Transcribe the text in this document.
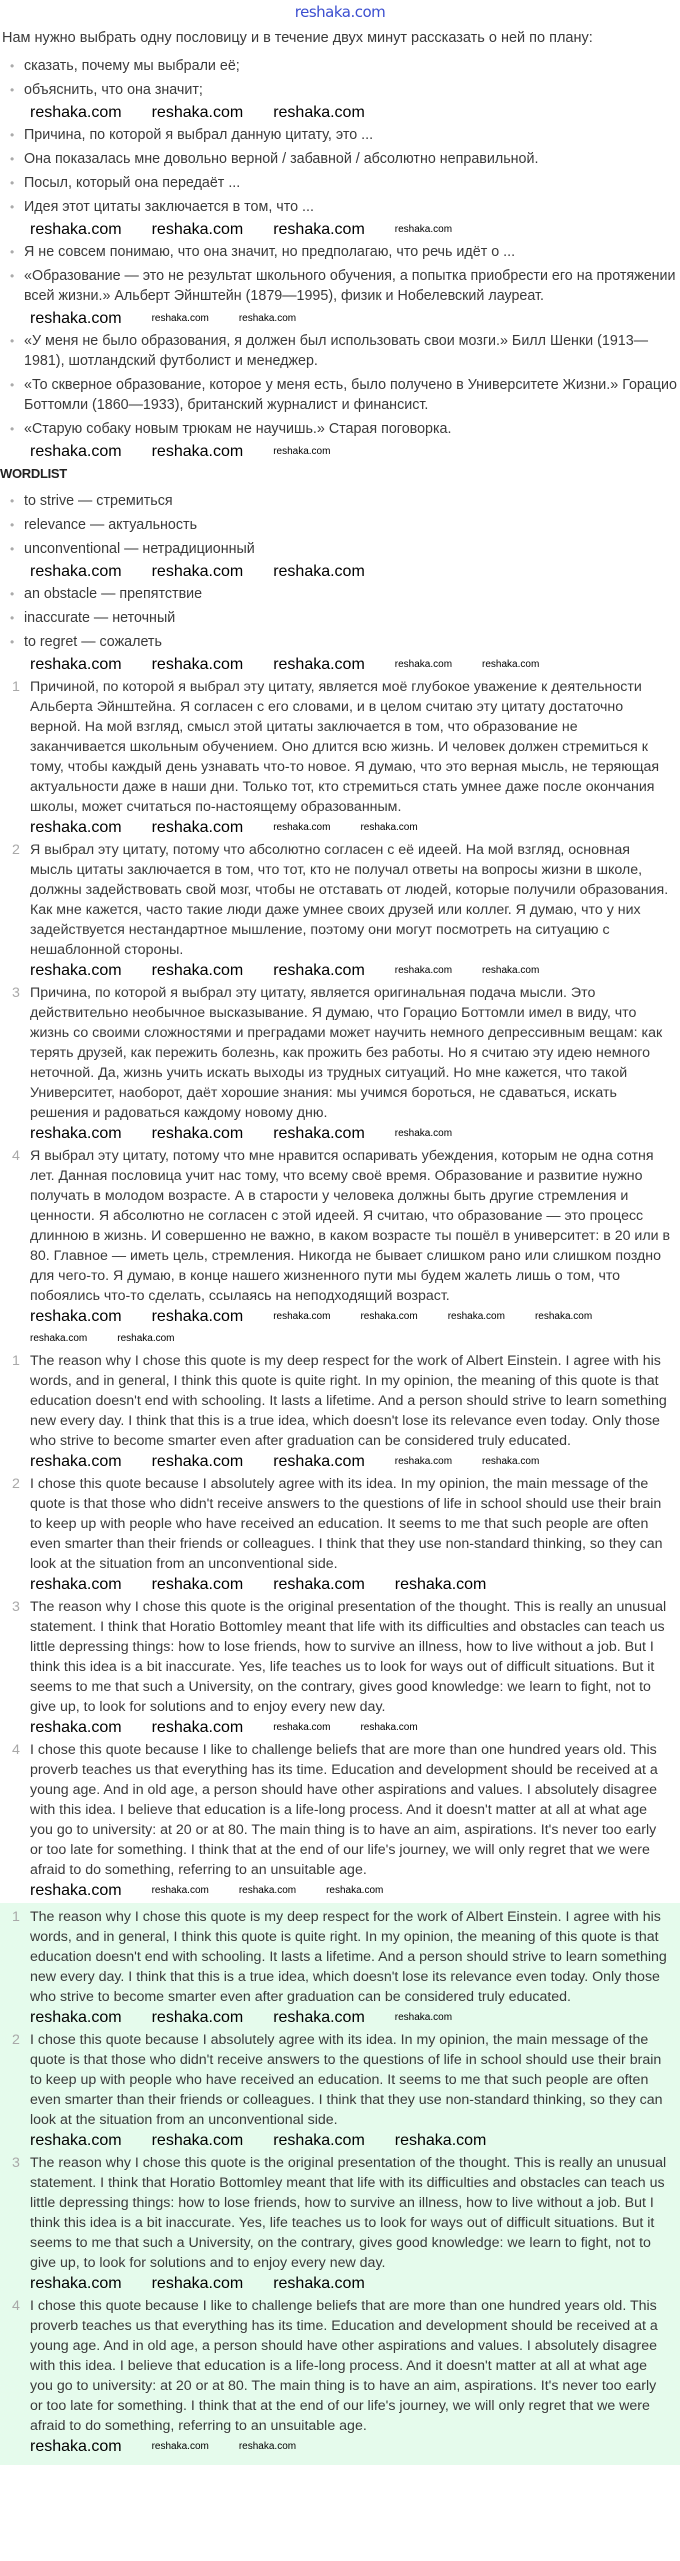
reshaka.com

Нам нужно выбрать одну пословицу и в течение двух минут рассказать о ней по плану:

• сказать, почему мы выбрали её;
• объяснить, что она значит;
reshaka.com reshaka.com reshaka.com
• Причина, по которой я выбрал данную цитату, это ...
• Она показалась мне довольно верной / забавной / абсолютно неправильной.
• Посыл, который она передаёт ...
• Идея этот цитаты заключается в том, что ...
reshaka.com reshaka.com reshaka.com	reshaka.com
• Я не совсем понимаю, что она значит, но предполагаю, что речь идёт о ...
• «Образование — это не результат школьного обучения, а попытка приобрести его на протяжении всей жизни.» Альберт Эйнштейн (1879—1995), физик и Нобелевский лауреат.
reshaka.com	reshaka.com	reshaka.com
• «У меня не было образования, я должен был использовать свои мозги.» Билл Шенки (1913—1981), шотландский футболист и менеджер.
• «То скверное образование, которое у меня есть, было получено в Университете Жизни.» Горацио Боттомли (1860—1933), британский журналист и финансист.
• «Старую собаку новым трюкам не научишь.» Старая поговорка.
reshaka.com reshaka.com	reshaka.com
WORDLIST
• to strive — стремиться
• relevance — актуальность
• unconventional — нетрадиционный
reshaka.com reshaka.com reshaka.com
• an obstacle — препятствие
• inaccurate — неточный
• to regret — сожалеть
reshaka.com reshaka.com reshaka.com	reshaka.com	reshaka.com
1 Причиной, по которой я выбрал эту цитату, является моё глубокое уважение к деятельности Альберта Эйнштейна. Я согласен с его словами, и в целом считаю эту цитату достаточно верной. На мой взгляд, смысл этой цитаты заключается в том, что образование не заканчивается школьным обучением. Оно длится всю жизнь. И человек должен стремиться к тому, чтобы каждый день узнавать что-то новое. Я думаю, что это верная мысль, не теряющая актуальности даже в наши дни. Только тот, кто стремиться стать умнее даже после окончания школы, может считаться по-настоящему образованным.
reshaka.com reshaka.com	reshaka.com	reshaka.com
2 Я выбрал эту цитату, потому что абсолютно согласен с её идеей. На мой взгляд, основная мысль цитаты заключается в том, что тот, кто не получал ответы на вопросы жизни в школе, должны задействовать свой мозг, чтобы не отставать от людей, которые получили образования. Как мне кажется, часто такие люди даже умнее своих друзей или коллег. Я думаю, что у них задействуется нестандартное мышление, поэтому они могут посмотреть на ситуацию с нешаблонной стороны.
reshaka.com reshaka.com reshaka.com	reshaka.com	reshaka.com
3 Причина, по которой я выбрал эту цитату, является оригинальная подача мысли. Это действительно необычное высказывание. Я думаю, что Горацио Боттомли имел в виду, что жизнь со своими сложностями и преградами может научить немного депрессивным вещам: как терять друзей, как пережить болезнь, как прожить без работы. Но я считаю эту идею немного неточной. Да, жизнь учить искать выходы из трудных ситуаций. Но мне кажется, что такой Университет, наоборот, даёт хорошие знания: мы учимся бороться, не сдаваться, искать решения и радоваться каждому новому дню.
reshaka.com reshaka.com reshaka.com	reshaka.com
4 Я выбрал эту цитату, потому что мне нравится оспаривать убеждения, которым не одна сотня лет. Данная пословица учит нас тому, что всему своё время. Образование и развитие нужно получать в молодом возрасте. А в старости у человека должны быть другие стремления и ценности. Я абсолютно не согласен с этой идеей. Я считаю, что образование — это процесс длинною в жизнь. И совершенно не важно, в каком возрасте ты пошёл в университет: в 20 или в 80. Главное — иметь цель, стремления. Никогда не бывает слишком рано или слишком поздно для чего-то. Я думаю, в конце нашего жизненного пути мы будем жалеть лишь о том, что побоялись что-то сделать, ссылаясь на неподходящий возраст.
reshaka.com reshaka.com	reshaka.com	reshaka.com	reshaka.com	reshaka.com
reshaka.com	reshaka.com
1 The reason why I chose this quote is my deep respect for the work of Albert Einstein. I agree with his words, and in general, I think this quote is quite right. In my opinion, the meaning of this quote is that education doesn't end with schooling. It lasts a lifetime. And a person should strive to learn something new every day. I think that this is a true idea, which doesn't lose its relevance even today. Only those who strive to become smarter even after graduation can be considered truly educated.
reshaka.com reshaka.com reshaka.com	reshaka.com	reshaka.com
2 I chose this quote because I absolutely agree with its idea. In my opinion, the main message of the quote is that those who didn't receive answers to the questions of life in school should use their brain to keep up with people who have received an education. It seems to me that such people are often even smarter than their friends or colleagues. I think that they use non-standard thinking, so they can look at the situation from an unconventional side.
reshaka.com reshaka.com reshaka.com reshaka.com
3 The reason why I chose this quote is the original presentation of the thought. This is really an unusual statement. I think that Horatio Bottomley meant that life with its difficulties and obstacles can teach us little depressing things: how to lose friends, how to survive an illness, how to live without a job. But I think this idea is a bit inaccurate. Yes, life teaches us to look for ways out of difficult situations. But it seems to me that such a University, on the contrary, gives good knowledge: we learn to fight, not to give up, to look for solutions and to enjoy every new day.
reshaka.com reshaka.com	reshaka.com	reshaka.com
4 I chose this quote because I like to challenge beliefs that are more than one hundred years old. This proverb teaches us that everything has its time. Education and development should be received at a young age. And in old age, a person should have other aspirations and values. I absolutely disagree with this idea. I believe that education is a life-long process. And it doesn't matter at all at what age you go to university: at 20 or at 80. The main thing is to have an aim, aspirations. It's never too early or too late for something. I think that at the end of our life's journey, we will only regret that we were afraid to do something, referring to an unsuitable age.
reshaka.com	reshaka.com	reshaka.com	reshaka.com
1 The reason why I chose this quote is my deep respect for the work of Albert Einstein. I agree with his words, and in general, I think this quote is quite right. In my opinion, the meaning of this quote is that education doesn't end with schooling. It lasts a lifetime. And a person should strive to learn something new every day. I think that this is a true idea, which doesn't lose its relevance even today. Only those who strive to become smarter even after graduation can be considered truly educated.
reshaka.com reshaka.com reshaka.com	reshaka.com
2 I chose this quote because I absolutely agree with its idea. In my opinion, the main message of the quote is that those who didn't receive answers to the questions of life in school should use their brain to keep up with people who have received an education. It seems to me that such people are often even smarter than their friends or colleagues. I think that they use non-standard thinking, so they can look at the situation from an unconventional side.
reshaka.com reshaka.com reshaka.com reshaka.com
3 The reason why I chose this quote is the original presentation of the thought. This is really an unusual statement. I think that Horatio Bottomley meant that life with its difficulties and obstacles can teach us little depressing things: how to lose friends, how to survive an illness, how to live without a job. But I think this idea is a bit inaccurate. Yes, life teaches us to look for ways out of difficult situations. But it seems to me that such a University, on the contrary, gives good knowledge: we learn to fight, not to give up, to look for solutions and to enjoy every new day.
reshaka.com reshaka.com reshaka.com
4 I chose this quote because I like to challenge beliefs that are more than one hundred years old. This proverb teaches us that everything has its time. Education and development should be received at a young age. And in old age, a person should have other aspirations and values. I absolutely disagree with this idea. I believe that education is a life-long process. And it doesn't matter at all at what age you go to university: at 20 or at 80. The main thing is to have an aim, aspirations. It's never too early or too late for something. I think that at the end of our life's journey, we will only regret that we were afraid to do something, referring to an unsuitable age.
reshaka.com	reshaka.com	reshaka.com
